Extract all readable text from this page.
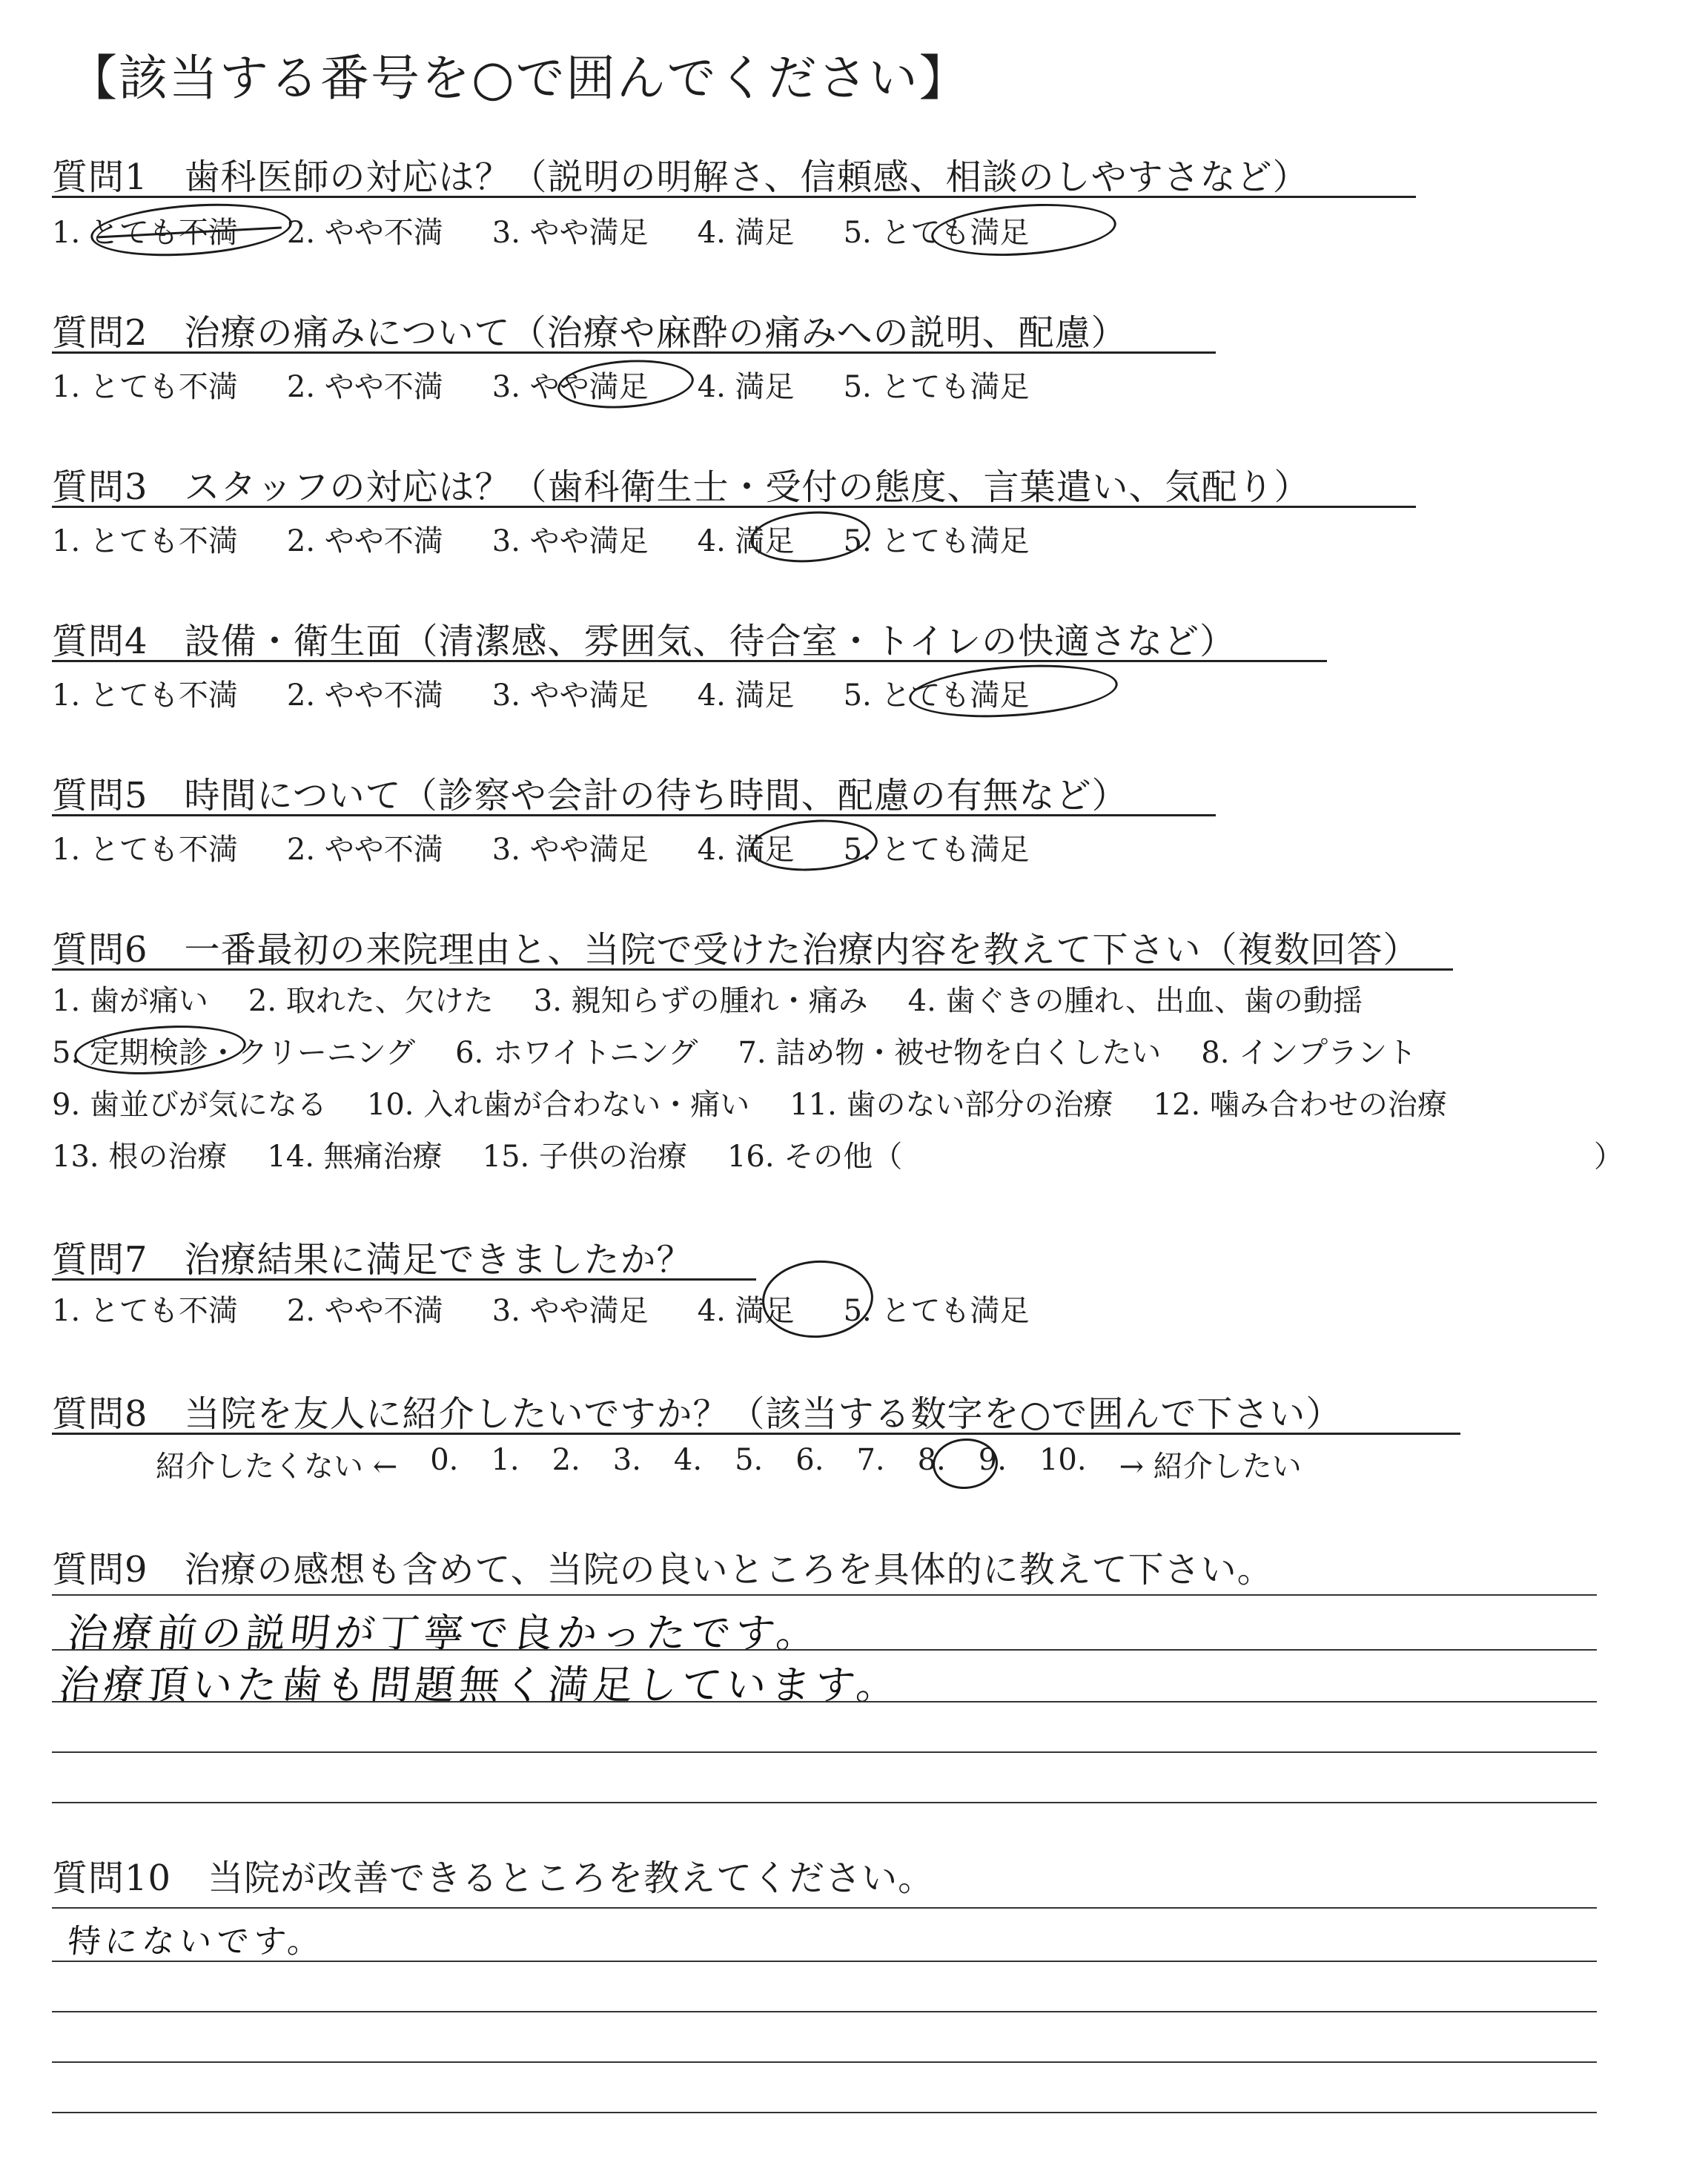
【該当する番号を○で囲んでください】
質問1　歯科医師の対応は？（説明の明解さ、信頼感、相談のしやすさなど）
1. とても不満 2. やや不満 3. やや満足 4. 満足 5. とても満足
質問2　治療の痛みについて（治療や麻酔の痛みへの説明、配慮）
1. とても不満 2. やや不満 3. やや満足 4. 満足 5. とても満足
質問3　スタッフの対応は？（歯科衛生士・受付の態度、言葉遣い、気配り）
1. とても不満 2. やや不満 3. やや満足 4. 満足 5. とても満足
質問4　設備・衛生面（清潔感、雰囲気、待合室・トイレの快適さなど）
1. とても不満 2. やや不満 3. やや満足 4. 満足 5. とても満足
質問5　時間について（診察や会計の待ち時間、配慮の有無など）
1. とても不満 2. やや不満 3. やや満足 4. 満足 5. とても満足
質問6　一番最初の来院理由と、当院で受けた治療内容を教えて下さい（複数回答）
1. 歯が痛い 2. 取れた、欠けた 3. 親知らずの腫れ・痛み 4. 歯ぐきの腫れ、出血、歯の動揺
5. 定期検診・クリーニング 6. ホワイトニング 7. 詰め物・被せ物を白くしたい 8. インプラント
9. 歯並びが気になる 10. 入れ歯が合わない・痛い 11. 歯のない部分の治療 12. 噛み合わせの治療
13. 根の治療 14. 無痛治療 15. 子供の治療 16. その他（	）
質問7　治療結果に満足できましたか？
1. とても不満 2. やや不満 3. やや満足 4. 満足 5. とても満足
質問8　当院を友人に紹介したいですか？（該当する数字を○で囲んで下さい）
紹介したくない ← 0. 1. 2. 3. 4. 5. 6. 7. 8. 9. 10. → 紹介したい
質問9　治療の感想も含めて、当院の良いところを具体的に教えて下さい。
治療前の説明が丁寧で良かったです。
治療頂いた歯も問題無く満足しています。
質問10　当院が改善できるところを教えてください。
特にないです。
